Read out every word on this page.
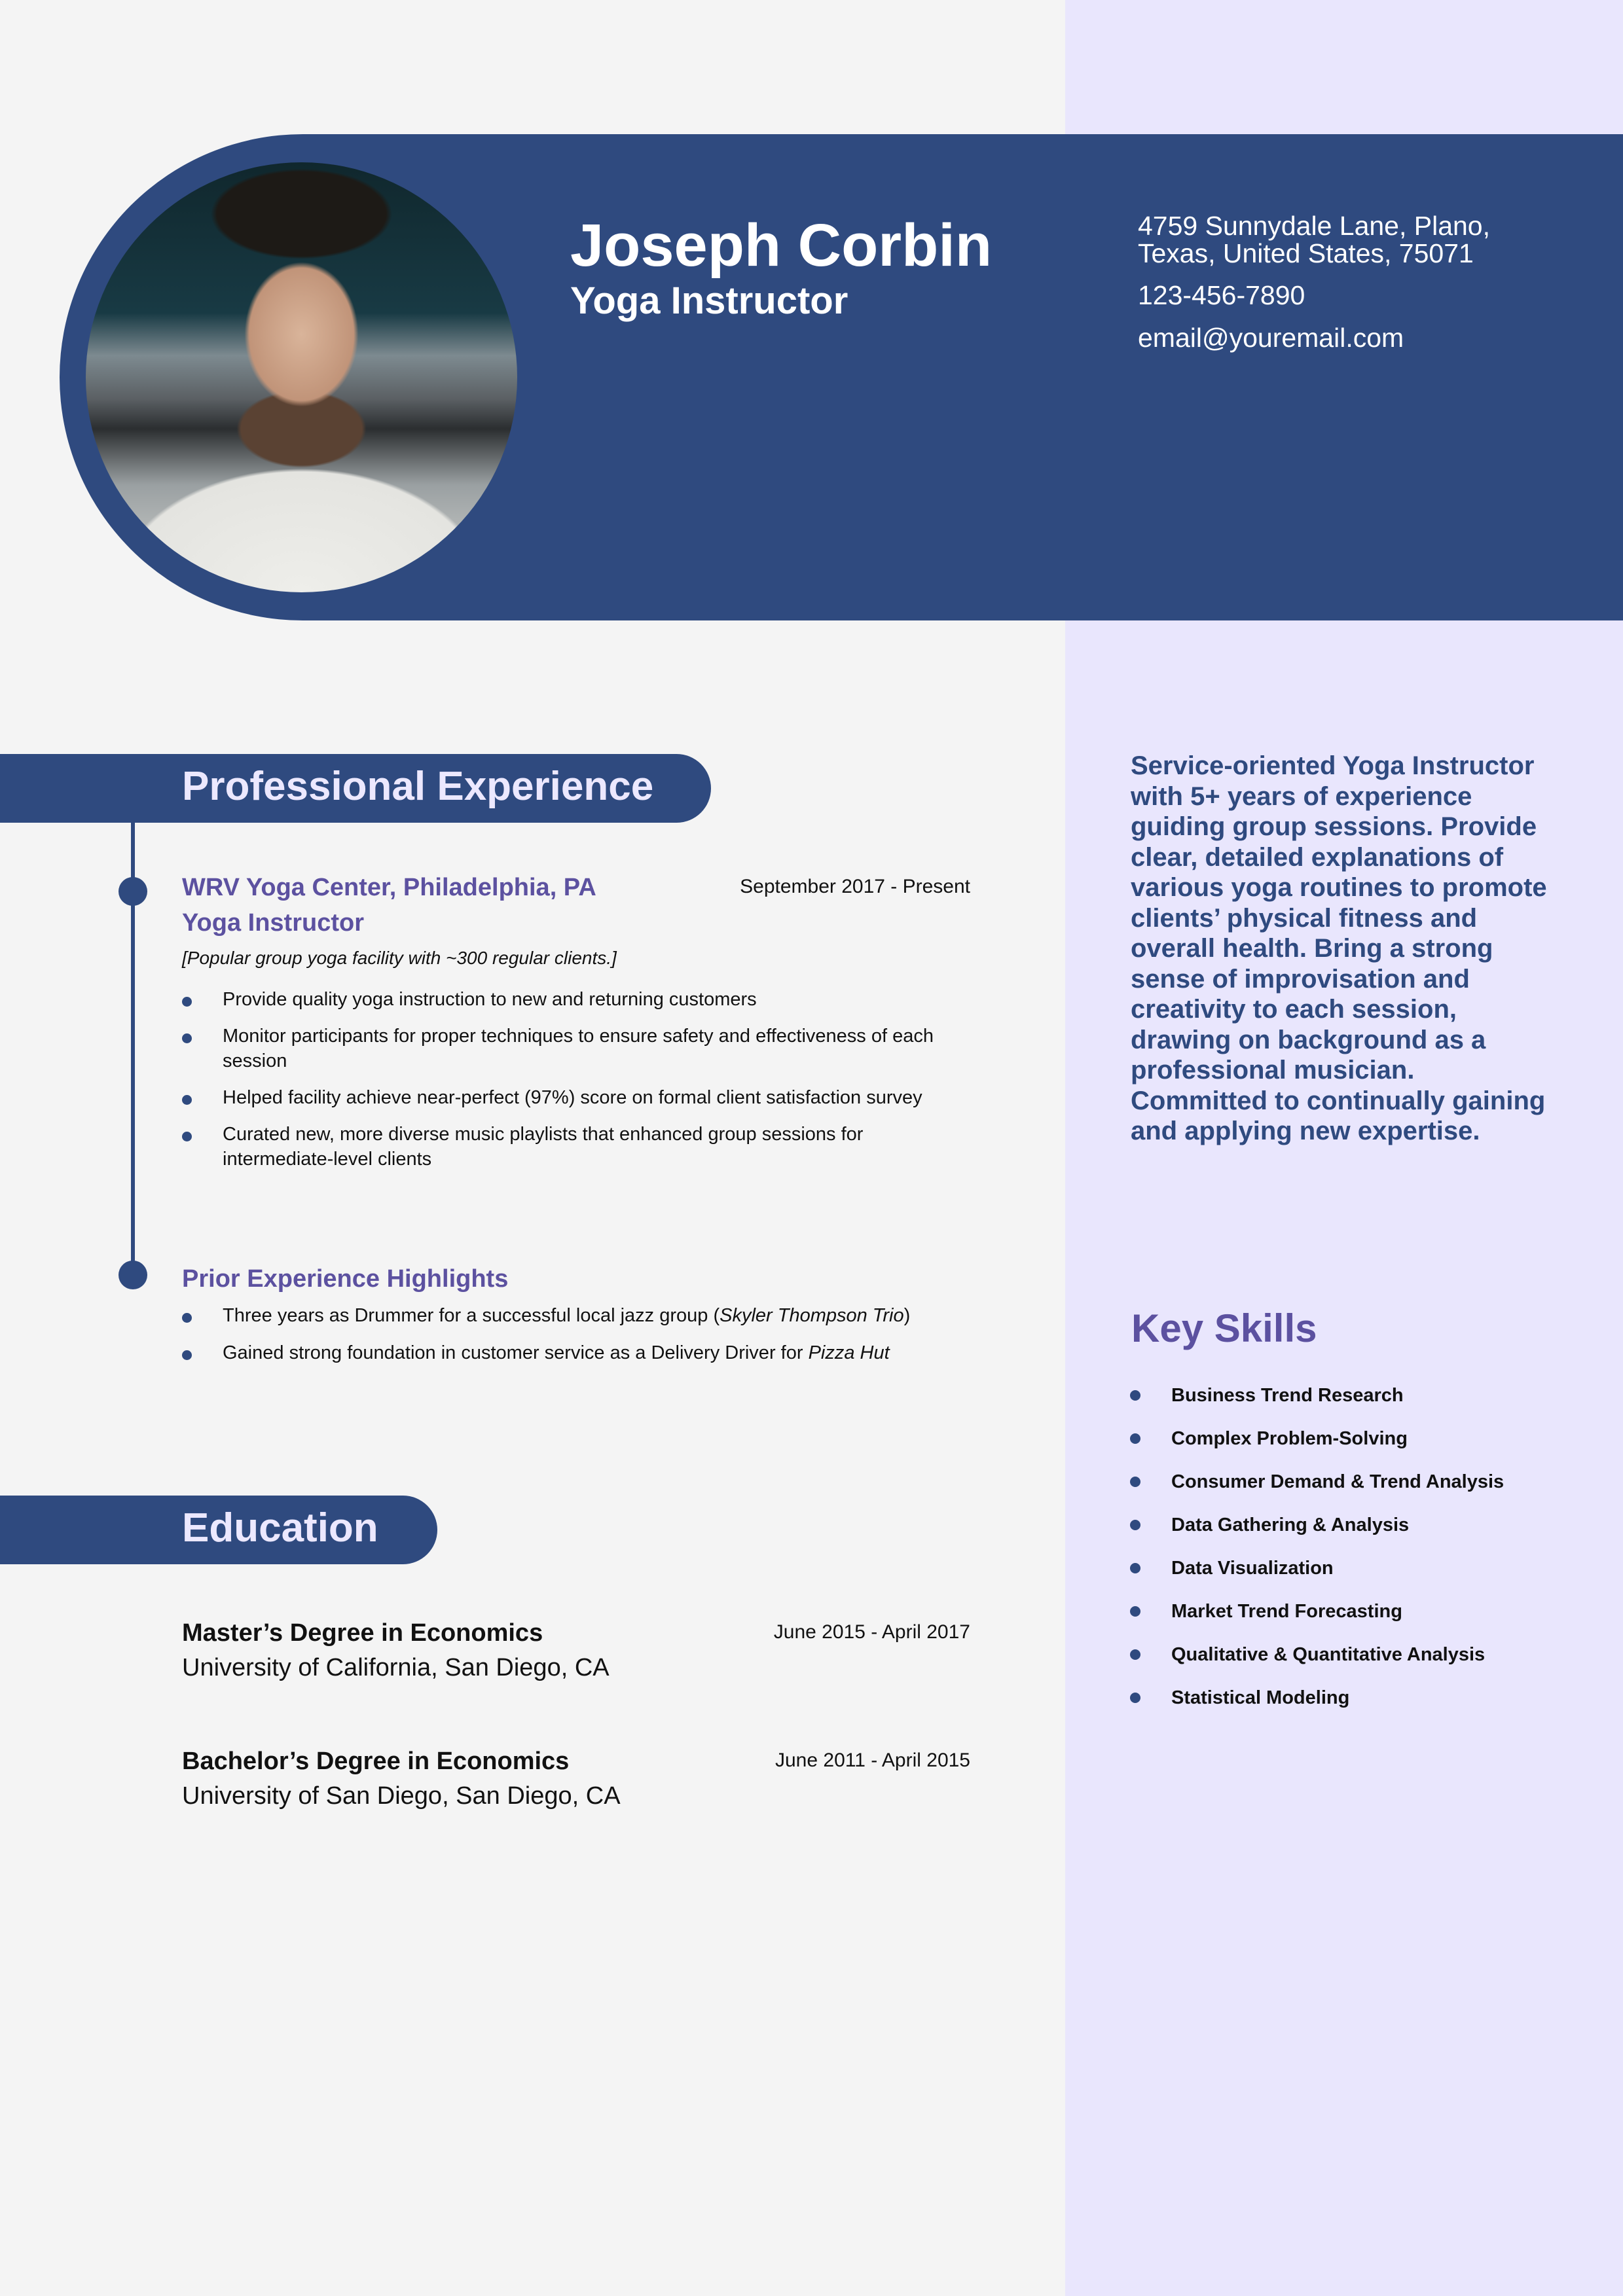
Joseph Corbin
Yoga Instructor
4759 Sunnydale Lane, Plano, Texas, United States, 75071
123-456-7890
email@youremail.com
Professional Experience
WRV Yoga Center, Philadelphia, PA	September 2017 - Present
Yoga Instructor
[Popular group yoga facility with ~300 regular clients.]
Provide quality yoga instruction to new and returning customers
Monitor participants for proper techniques to ensure safety and effectiveness of each session
Helped facility achieve near-perfect (97%) score on formal client satisfaction survey
Curated new, more diverse music playlists that enhanced group sessions for intermediate-level clients
Prior Experience Highlights
Three years as Drummer for a successful local jazz group (Skyler Thompson Trio)
Gained strong foundation in customer service as a Delivery Driver for Pizza Hut
Education
Master’s Degree in Economics	June 2015 - April 2017
University of California, San Diego, CA
Bachelor’s Degree in Economics	June 2011 - April 2015
University of San Diego, San Diego, CA
Service-oriented Yoga Instructor with 5+ years of experience guiding group sessions. Provide clear, detailed explanations of various yoga routines to promote clients’ physical fitness and overall health. Bring a strong sense of improvisation and creativity to each session, drawing on background as a professional musician. Committed to continually gaining and applying new expertise.
Key Skills
Business Trend Research
Complex Problem-Solving
Consumer Demand & Trend Analysis
Data Gathering & Analysis
Data Visualization
Market Trend Forecasting
Qualitative & Quantitative Analysis
Statistical Modeling
